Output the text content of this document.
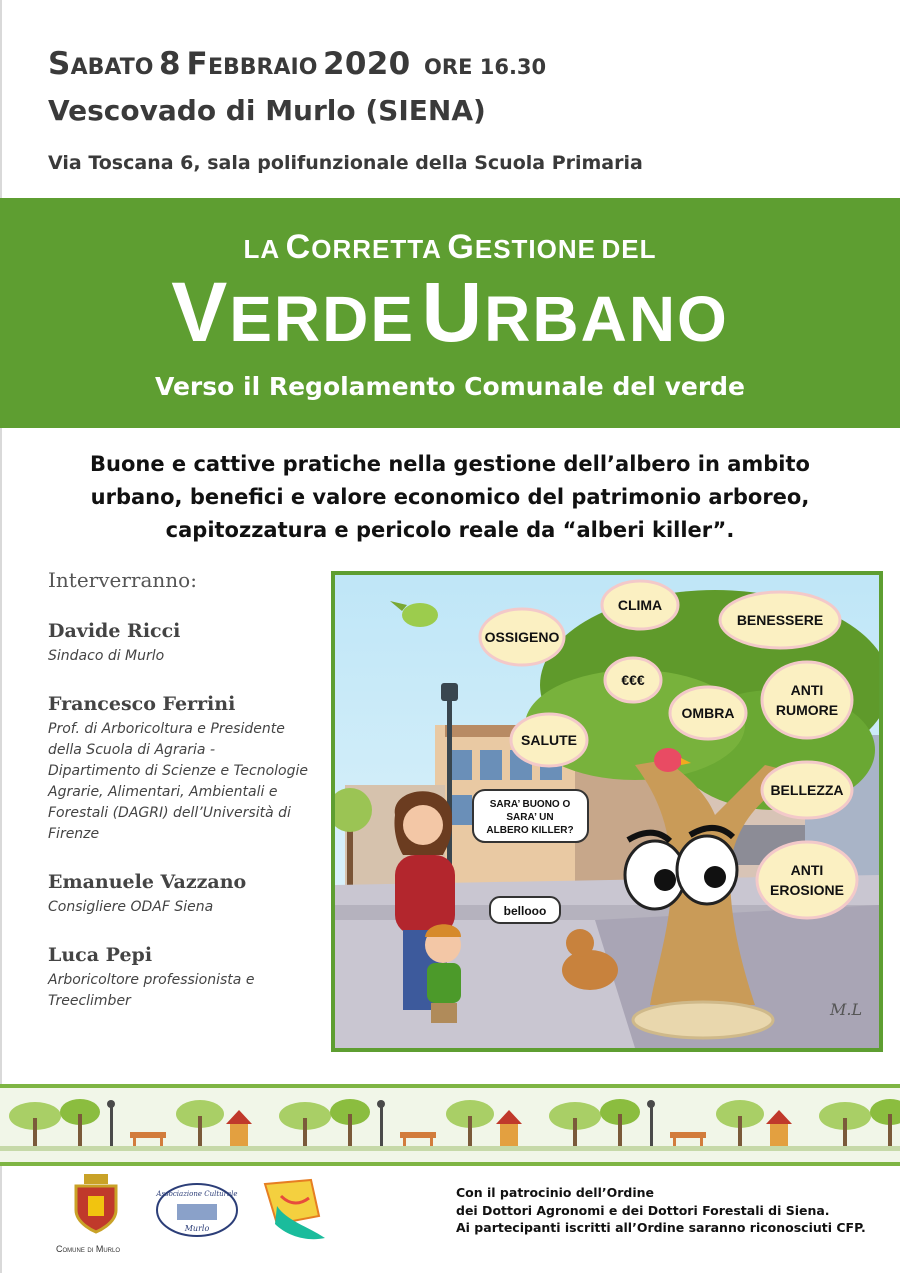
SABATO 8 FEBBRAIO 2020 ORE 16.30
Vescovado di Murlo (SIENA)
Via Toscana 6, sala polifunzionale della Scuola Primaria
LA CORRETTA GESTIONE DEL
VERDE URBANO
Verso il Regolamento Comunale del verde
Buone e cattive pratiche nella gestione dell’albero in ambito
urbano, benefici e valore economico del patrimonio arboreo,
capitozzatura e pericolo reale da “alberi killer”.
Interverranno:
Davide Ricci
Sindaco di Murlo
Francesco Ferrini
Prof. di Arboricoltura e Presidente
della Scuola di Agraria -
Dipartimento di Scienze e Tecnologie
Agrarie, Alimentari, Ambientali e
Forestali (DAGRI) dell’Università di
Firenze
Emanuele Vazzano
Consigliere ODAF Siena
Luca Pepi
Arboricoltore professionista e
Treeclimber
OSSIGENO
CLIMA
BENESSERE
€€€
ANTI
RUMORE
OMBRA
SALUTE
BELLEZZA
ANTI
EROSIONE
SARA’ BUONO O
SARA’ UN
ALBERO KILLER?
bellooo
M.L
Comune di Murlo
Associazione Culturale
Murlo
Con il patrocinio dell’Ordine
dei Dottori Agronomi e dei Dottori Forestali di Siena.
Ai partecipanti iscritti all’Ordine saranno riconosciuti CFP.
